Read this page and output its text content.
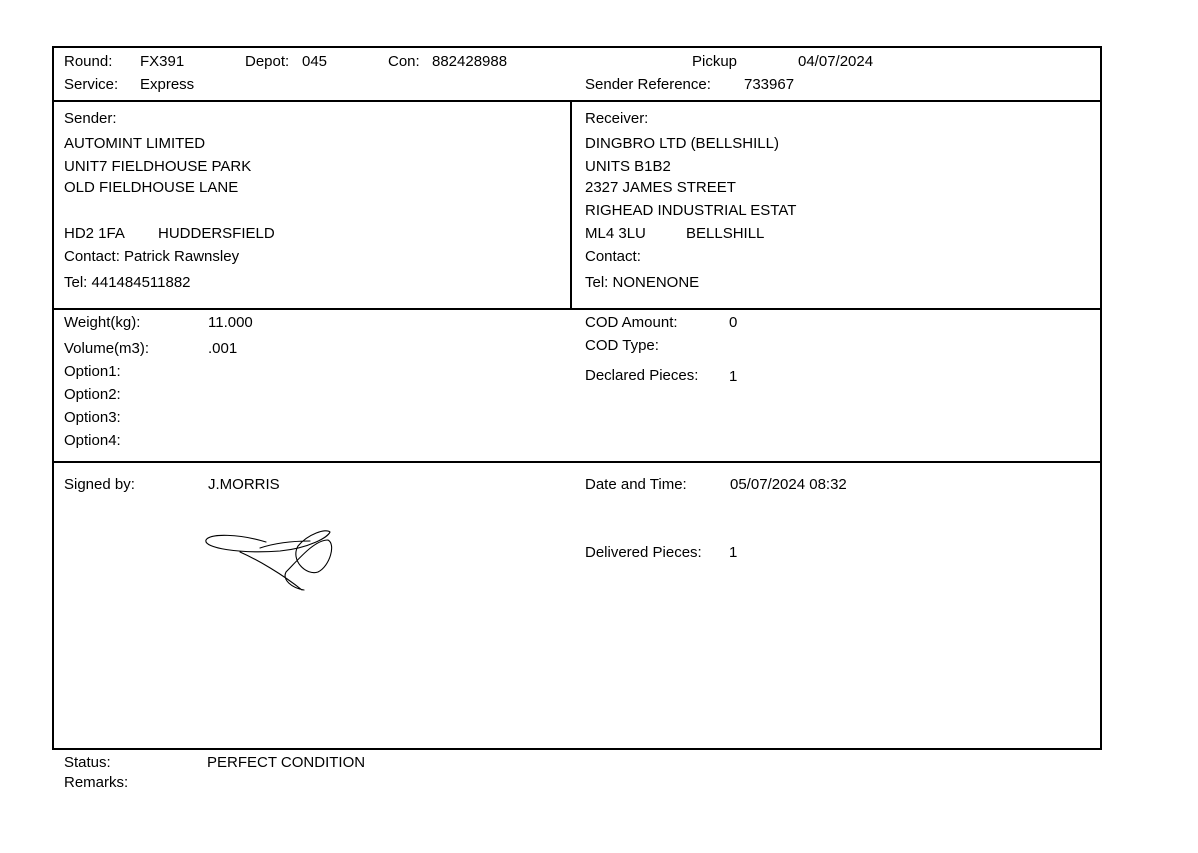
Round: FX391	Depot: 045	Con: 882428988
Service: Express
Pickup	04/07/2024
Sender Reference: 733967
Sender:
AUTOMINT LIMITED
UNIT7 FIELDHOUSE PARK
OLD FIELDHOUSE LANE
HD2 1FA HUDDERSFIELD
Contact: Patrick Rawnsley
Tel: 441484511882
Receiver:
DINGBRO LTD (BELLSHILL)
UNITS B1B2
2327 JAMES STREET
RIGHEAD INDUSTRIAL ESTAT
ML4 3LU	BELLSHILL
Contact:
Tel: NONENONE
Weight(kg):	11.000
Volume(m3):	.001
Option1:
Option2:
Option3:
Option4:
COD Amount:	0
COD Type:
Declared Pieces: 1
Signed by:	J.MORRIS	Date and Time:	05/07/2024 08:32
Delivered Pieces: 1
Status:	PERFECT CONDITION
Remarks:
